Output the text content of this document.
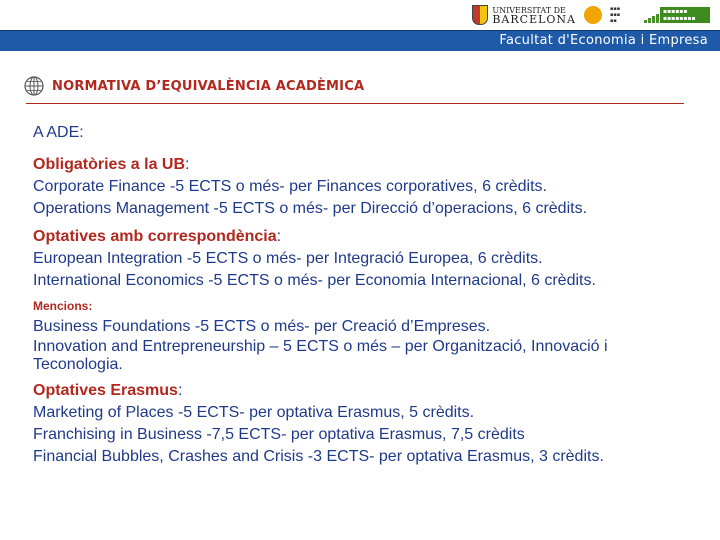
UNIVERSITAT DE
BARCELONA
▪▪▪
▪▪▪
▪▪
▪▪▪▪▪▪
▪▪▪▪▪▪▪▪
Facultat d'Economia i Empresa
NORMATIVA D’EQUIVALÈNCIA ACADÈMICA

A ADE:

Obligatòries a la UB:

Corporate Finance -5 ECTS o més- per Finances corporatives, 6 crèdits.

Operations Management -5 ECTS o més- per Direcció d’operacions, 6 crèdits.

Optatives amb correspondència:

European Integration -5 ECTS o més- per Integració Europea, 6 crèdits.

International Economics -5 ECTS o més- per Economia Internacional, 6 crèdits.

Mencions:

Business Foundations -5 ECTS o més- per Creació d’Empreses.

Innovation and Entrepreneurship – 5 ECTS o més – per Organització, Innovació i Teconologia.

Optatives Erasmus:

Marketing of Places -5 ECTS- per optativa Erasmus, 5 crèdits.

Franchising in Business -7,5 ECTS- per optativa Erasmus, 7,5 crèdits

Financial Bubbles, Crashes and Crisis -3 ECTS- per optativa Erasmus, 3 crèdits.
